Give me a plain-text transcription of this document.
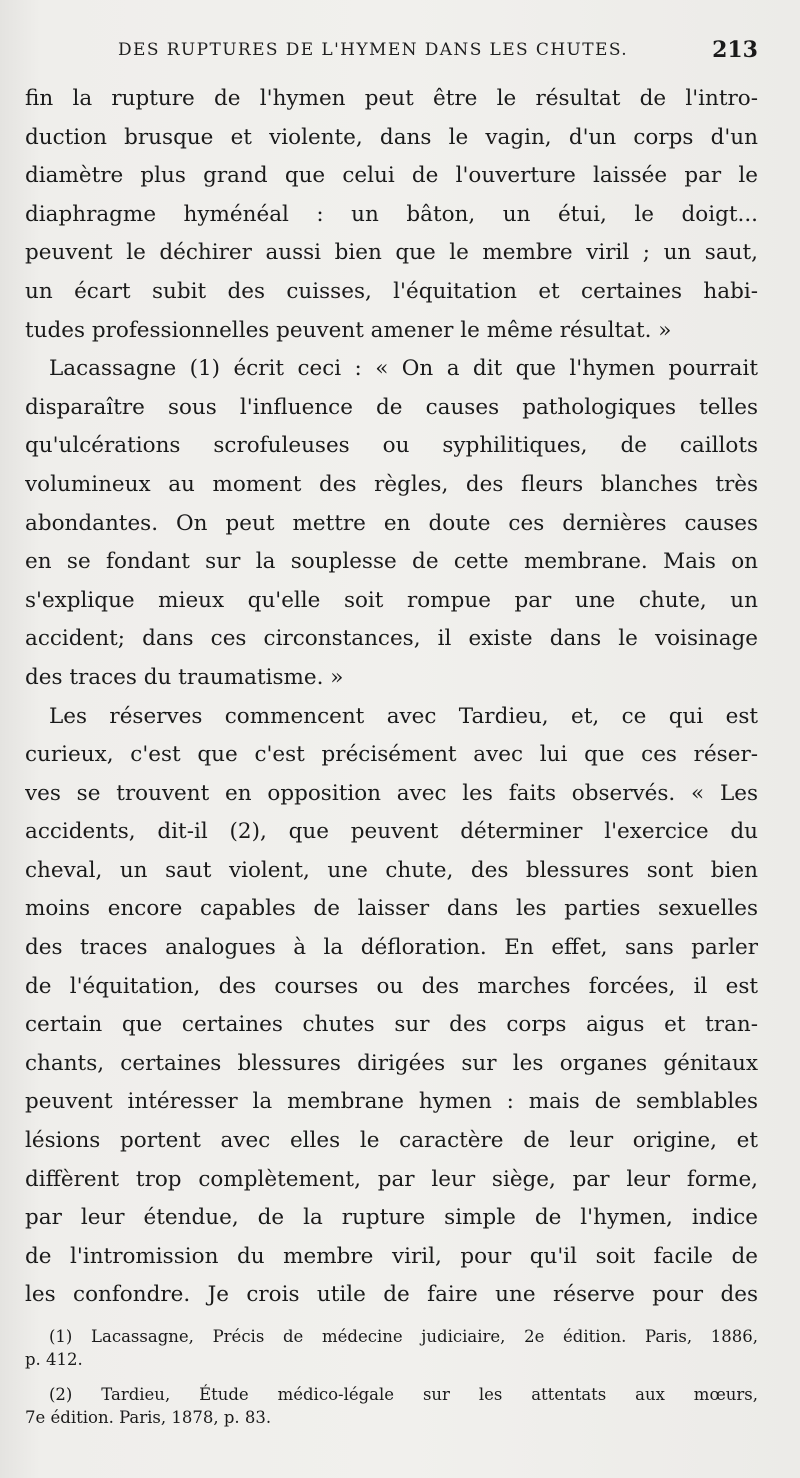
DES RUPTURES DE L'HYMEN DANS LES CHUTES.	213
fin la rupture de l'hymen peut être le résultat de l'intro-
duction brusque et violente, dans le vagin, d'un corps d'un
diamètre plus grand que celui de l'ouverture laissée par le
diaphragme hyménéal : un bâton, un étui, le doigt...
peuvent le déchirer aussi bien que le membre viril ; un saut,
un écart subit des cuisses, l'équitation et certaines habi-
tudes professionnelles peuvent amener le même résultat. »
Lacassagne (1) écrit ceci : « On a dit que l'hymen pourrait
disparaître sous l'influence de causes pathologiques telles
qu'ulcérations scrofuleuses ou syphilitiques, de caillots
volumineux au moment des règles, des fleurs blanches très
abondantes. On peut mettre en doute ces dernières causes
en se fondant sur la souplesse de cette membrane. Mais on
s'explique mieux qu'elle soit rompue par une chute, un
accident; dans ces circonstances, il existe dans le voisinage
des traces du traumatisme. »
Les réserves commencent avec Tardieu, et, ce qui est
curieux, c'est que c'est précisément avec lui que ces réser-
ves se trouvent en opposition avec les faits observés. « Les
accidents, dit-il (2), que peuvent déterminer l'exercice du
cheval, un saut violent, une chute, des blessures sont bien
moins encore capables de laisser dans les parties sexuelles
des traces analogues à la défloration. En effet, sans parler
de l'équitation, des courses ou des marches forcées, il est
certain que certaines chutes sur des corps aigus et tran-
chants, certaines blessures dirigées sur les organes génitaux
peuvent intéresser la membrane hymen : mais de semblables
lésions portent avec elles le caractère de leur origine, et
diffèrent trop complètement, par leur siège, par leur forme,
par leur étendue, de la rupture simple de l'hymen, indice
de l'intromission du membre viril, pour qu'il soit facile de
les confondre. Je crois utile de faire une réserve pour des
(1) Lacassagne, Précis de médecine judiciaire, 2e édition. Paris, 1886,
p. 412.
(2) Tardieu, Étude médico-légale sur les attentats aux mœurs,
7e édition. Paris, 1878, p. 83.
